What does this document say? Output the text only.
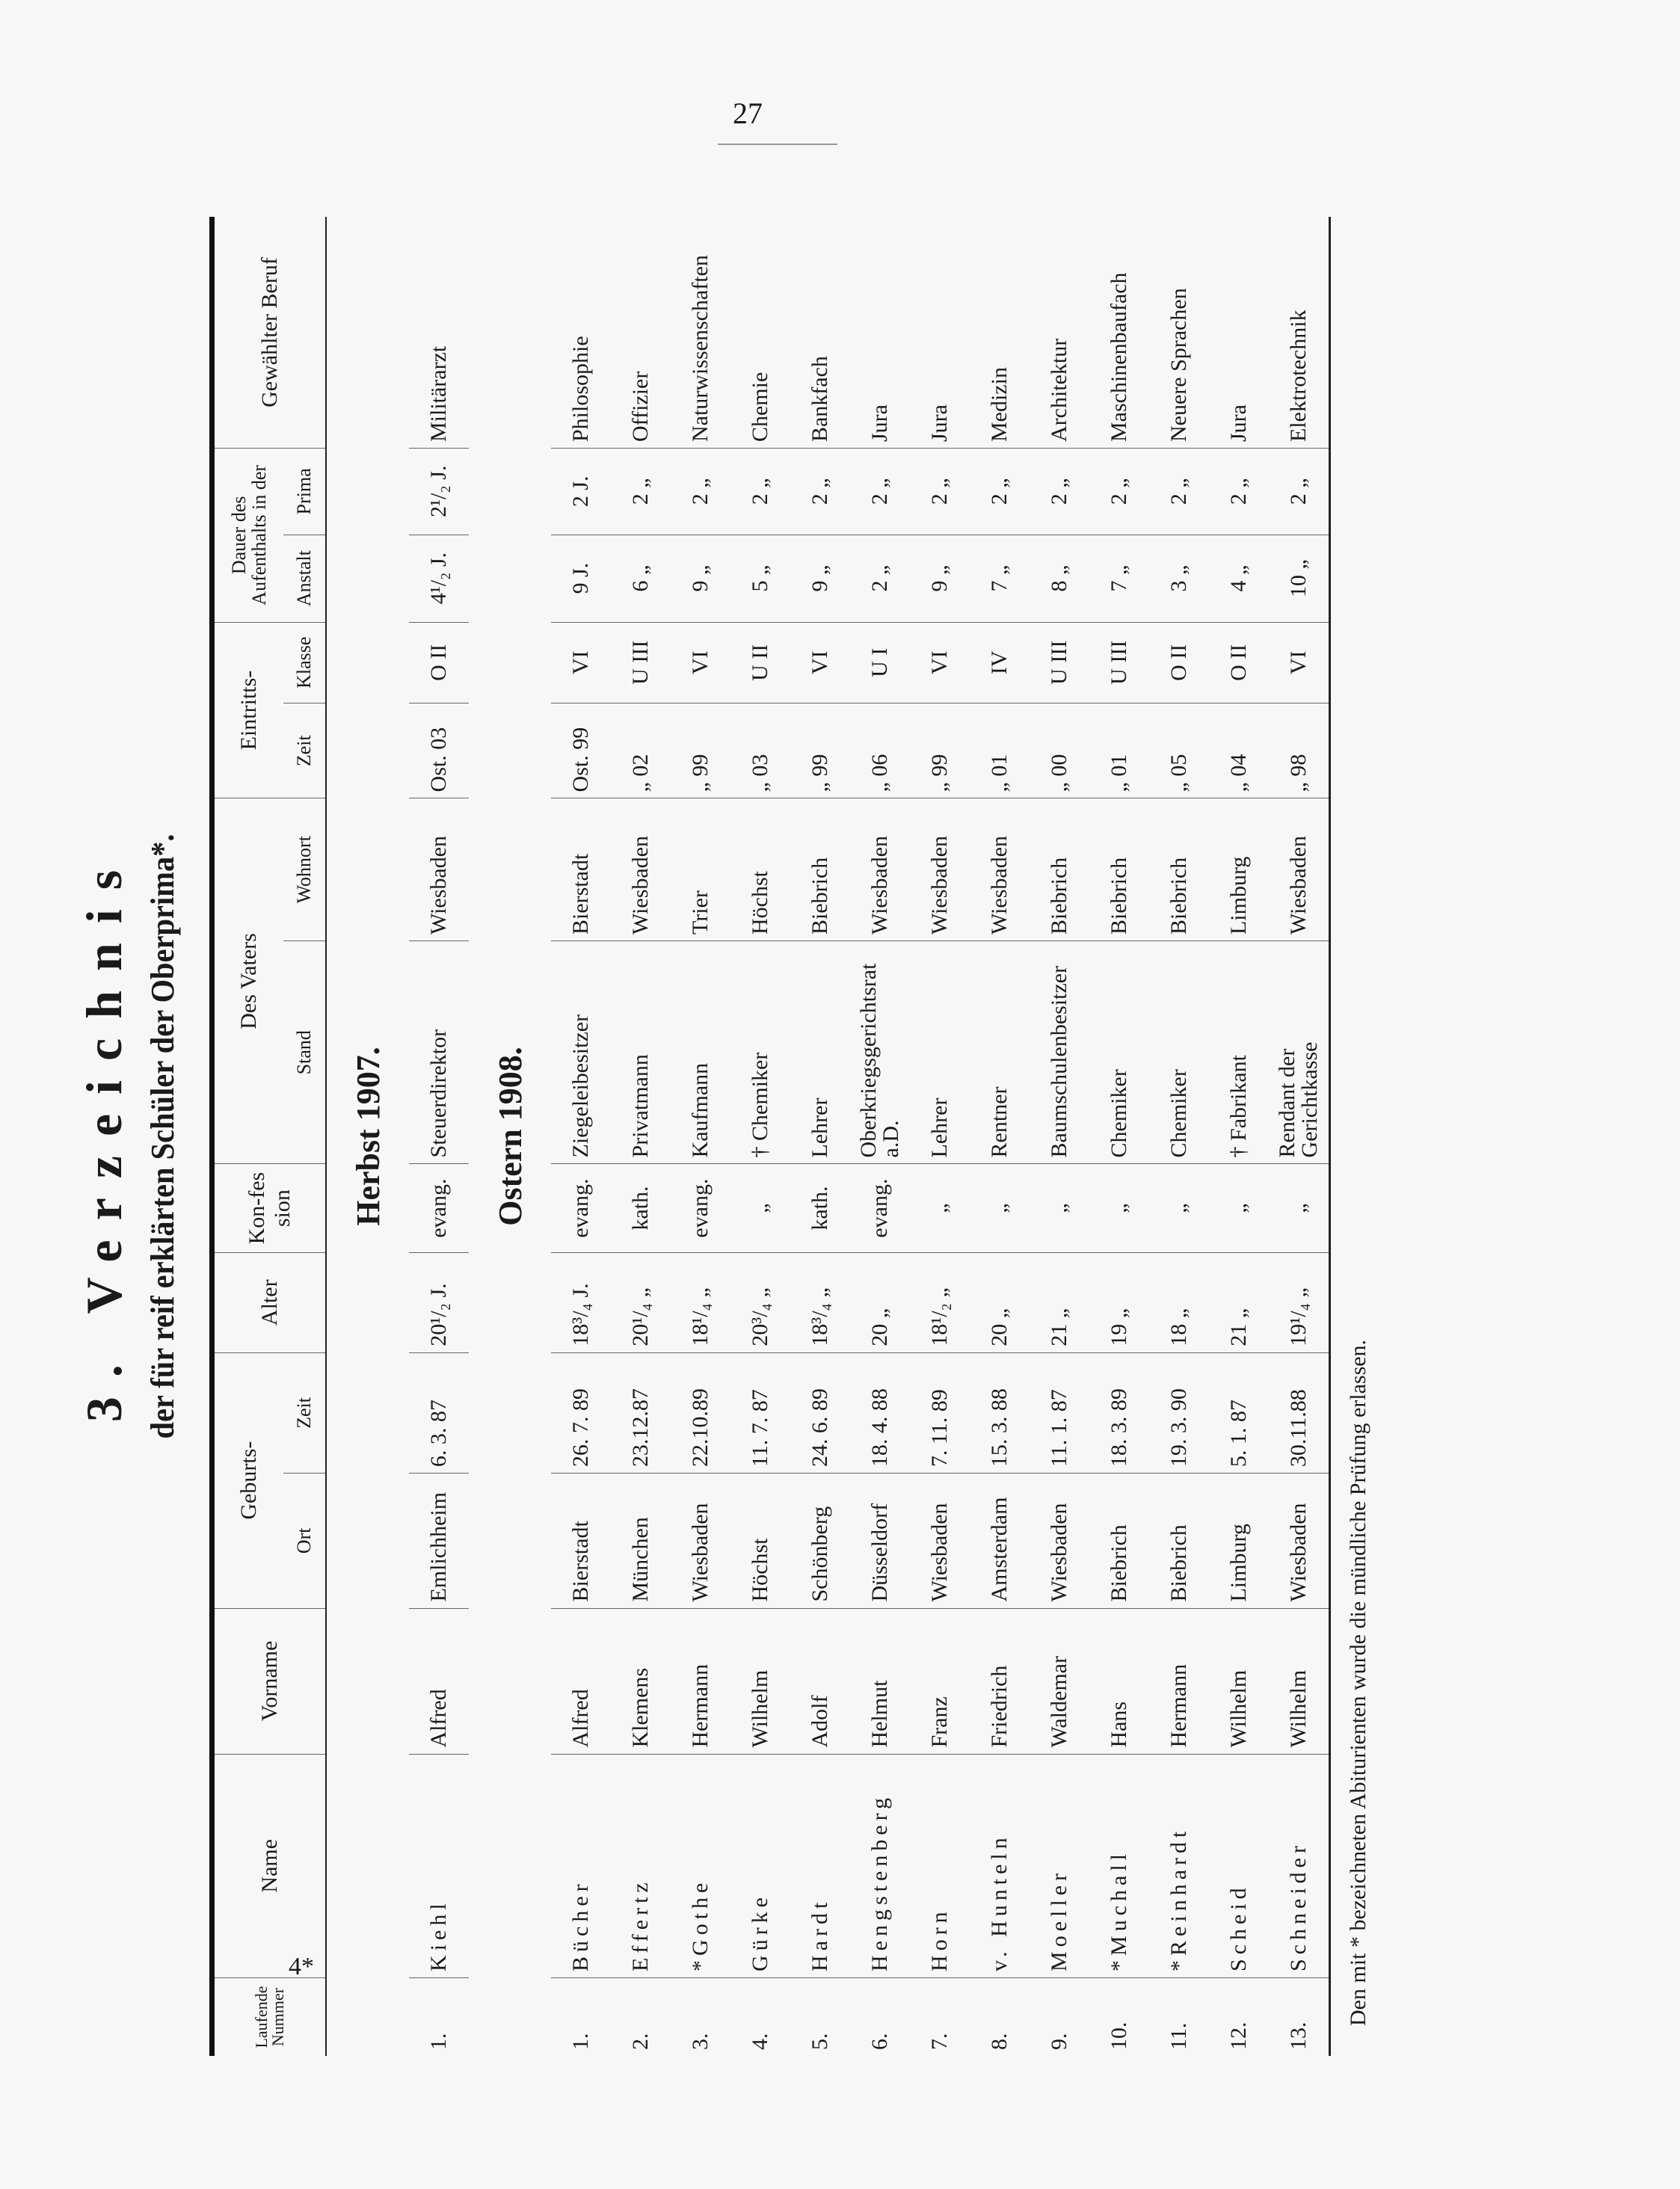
27
3. Verzeichnis der für reif erklärten Schüler der Oberprima*.
Laufende Nummer	Name	Vorname	Geburts-		Alter	Kon-fession	Des Vaters		Eintritts-		Dauer des Aufenthalts in der		Gewählter Beruf
			Ort	Zeit			Stand	Wohnort	Zeit	Klasse	Anstalt	Prima	
Herbst 1907.													
1.	Kiehl	Alfred	Emlichheim	6. 3. 87	20¹/₂ J.	evang.	Steuerdirektor	Wiesbaden	Ost. 03	O II	4¹/₂ J.	2¹/₂ J.	Militärarzt
Ostern 1908.													
1.	Bücher	Alfred	Bierstadt	26. 7. 89	18³/₄ J.	evang.	Ziegeleibesitzer	Bierstadt	Ost. 99	VI	9 J.	2 J.	Philosophie
2.	Effertz	Klemens	München	23.12.87	20¹/₄ „	kath.	Privatmann	Wiesbaden	„ 02	U III	6 „	2 „	Offizier
3.	*Gothe	Hermann	Wiesbaden	22.10.89	18¹/₄ „	evang.	Kaufmann	Trier	„ 99	VI	9 „	2 „	Naturwissenschaften
4.	Gürke	Wilhelm	Höchst	11. 7. 87	20³/₄ „	„	† Chemiker	Höchst	„ 03	U II	5 „	2 „	Chemie
5.	Hardt	Adolf	Schönberg	24. 6. 89	18³/₄ „	kath.	Lehrer	Biebrich	„ 99	VI	9 „	2 „	Bankfach
6.	Hengstenberg	Helmut	Düsseldorf	18. 4. 88	20 „	evang.	Oberkriegsgerichtsrat a.D.	Wiesbaden	„ 06	U I	2 „	2 „	Jura
7.	Horn	Franz	Wiesbaden	7. 11. 89	18¹/₂ „	„	Lehrer	Wiesbaden	„ 99	VI	9 „	2 „	Jura
8.	v. Hunteln	Friedrich	Amsterdam	15. 3. 88	20 „	„	Rentner	Wiesbaden	„ 01	IV	7 „	2 „	Medizin
9.	Moeller	Waldemar	Wiesbaden	11. 1. 87	21 „	„	Baumschulenbesitzer	Biebrich	„ 00	U III	8 „	2 „	Architektur
10.	*Muchall	Hans	Biebrich	18. 3. 89	19 „	„	Chemiker	Biebrich	„ 01	U III	7 „	2 „	Maschinenbaufach
11.	*Reinhardt	Hermann	Biebrich	19. 3. 90	18 „	„	Chemiker	Biebrich	„ 05	O II	3 „	2 „	Neuere Sprachen
12.	Scheid	Wilhelm	Limburg	5. 1. 87	21 „	„	† Fabrikant	Limburg	„ 04	O II	4 „	2 „	Jura
13.	Schneider	Wilhelm	Wiesbaden	30.11.88	19¹/₄ „	„	Rendant der Gerichtkasse	Wiesbaden	„ 98	VI	10 „	2 „	Elektrotechnik
Den mit * bezeichneten Abiturienten wurde die mündliche Prüfung erlassen.
4*
